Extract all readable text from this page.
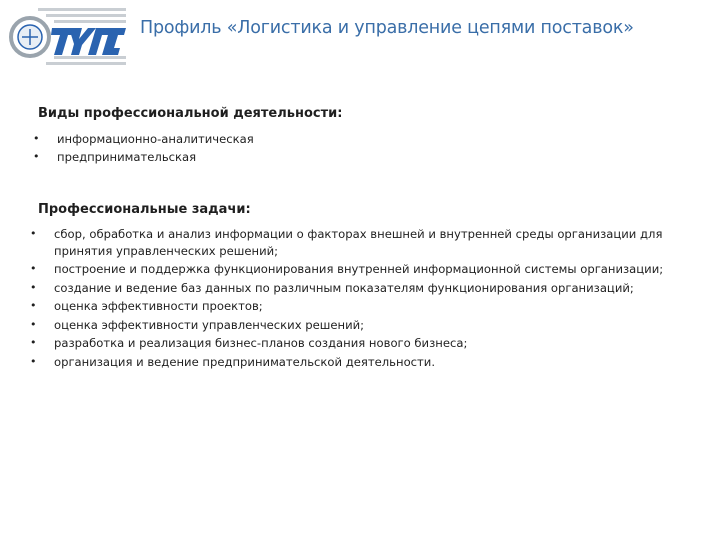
Профиль «Логистика и управление цепями поставок»
Виды профессиональной деятельности:
• информационно-аналитическая
• предпринимательская
Профессиональные задачи:
• сбор, обработка и анализ информации о факторах внешней и внутренней среды организации для принятия управленческих решений;
• построение и поддержка функционирования внутренней информационной системы организации;
• создание и ведение баз данных по различным показателям функционирования организаций;
• оценка эффективности проектов;
• оценка эффективности управленческих решений;
• разработка и реализация бизнес-планов создания нового бизнеса;
• организация и ведение предпринимательской деятельности.
